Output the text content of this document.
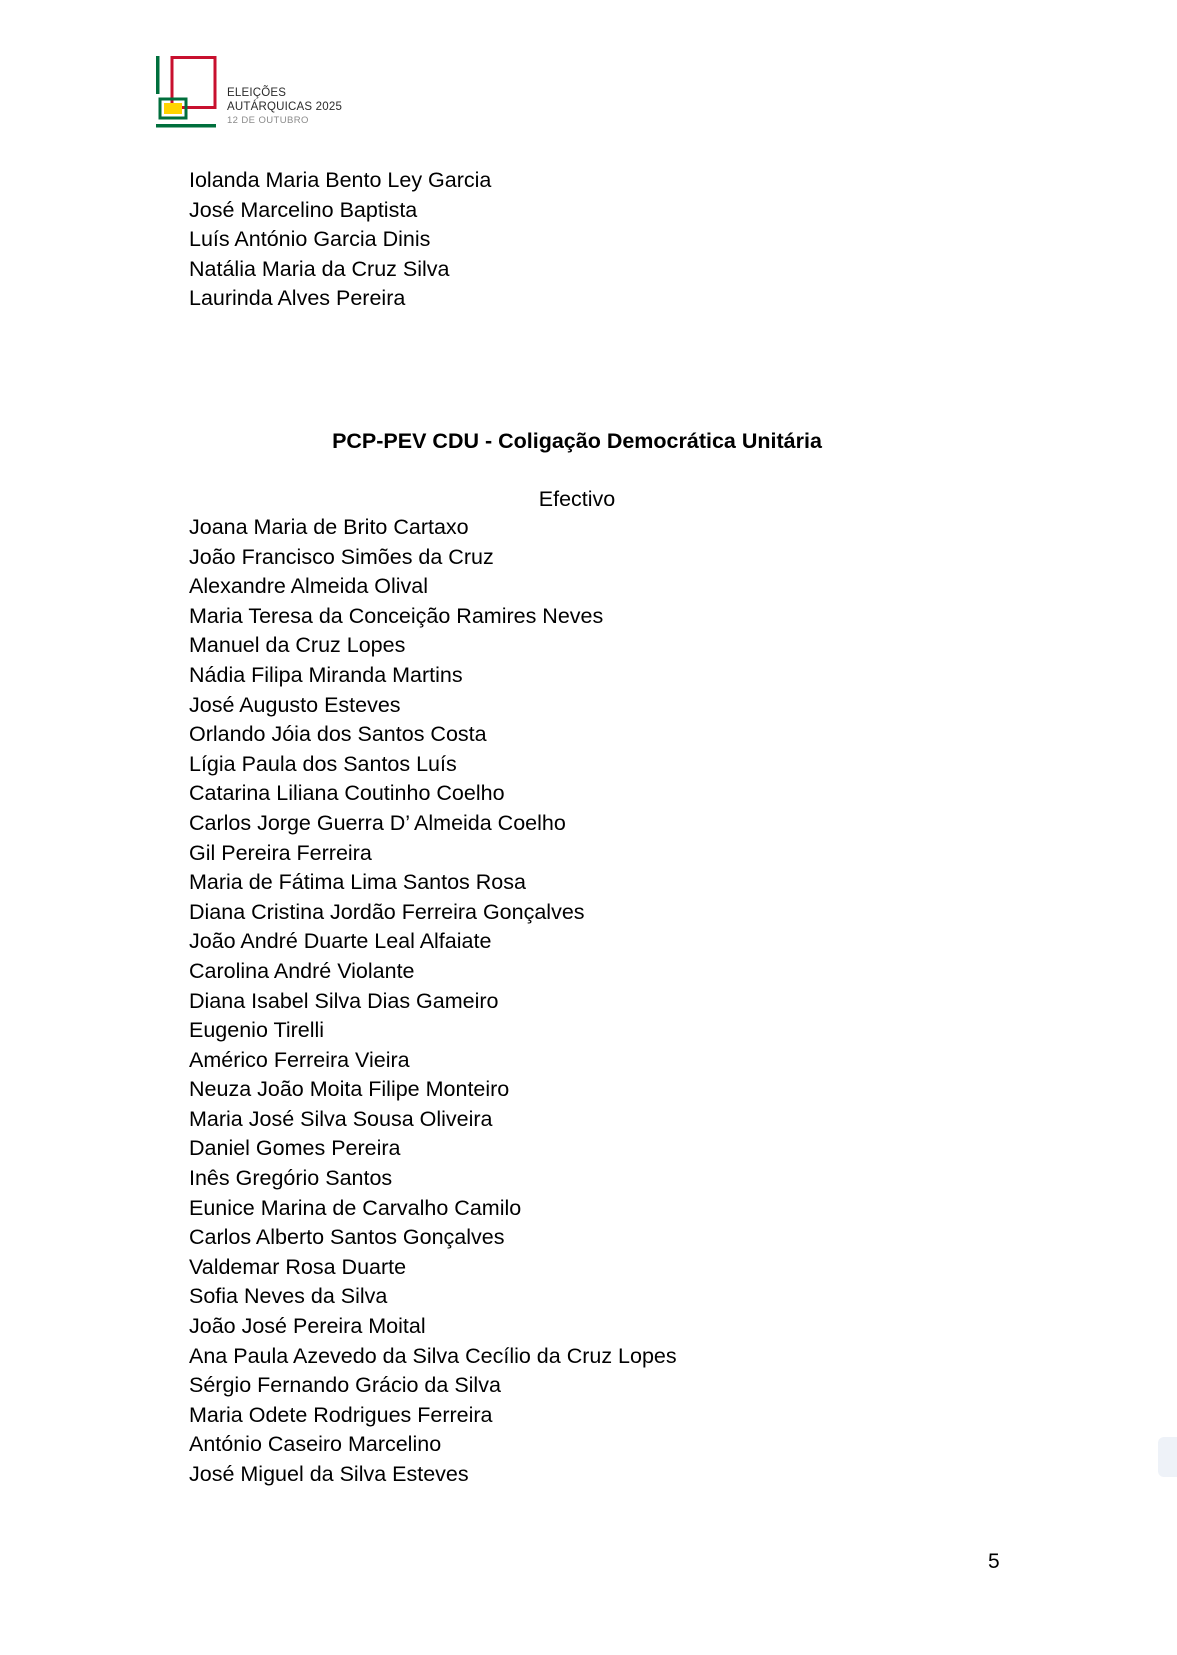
ELEIÇÕES
AUTÁRQUICAS 2025
12 DE OUTUBRO
Iolanda Maria Bento Ley Garcia
José Marcelino Baptista
Luís António Garcia Dinis
Natália Maria da Cruz Silva
Laurinda Alves Pereira
PCP-PEV CDU - Coligação Democrática Unitária
Efectivo
Joana Maria de Brito Cartaxo
João Francisco Simões da Cruz
Alexandre Almeida Olival
Maria Teresa da Conceição Ramires Neves
Manuel da Cruz Lopes
Nádia Filipa Miranda Martins
José Augusto Esteves
Orlando Jóia dos Santos Costa
Lígia Paula dos Santos Luís
Catarina Liliana Coutinho Coelho
Carlos Jorge Guerra D’ Almeida Coelho
Gil Pereira Ferreira
Maria de Fátima Lima Santos Rosa
Diana Cristina Jordão Ferreira Gonçalves
João André Duarte Leal Alfaiate
Carolina André Violante
Diana Isabel Silva Dias Gameiro
Eugenio Tirelli
Américo Ferreira Vieira
Neuza João Moita Filipe Monteiro
Maria José Silva Sousa Oliveira
Daniel Gomes Pereira
Inês Gregório Santos
Eunice Marina de Carvalho Camilo
Carlos Alberto Santos Gonçalves
Valdemar Rosa Duarte
Sofia Neves da Silva
João José Pereira Moital
Ana Paula Azevedo da Silva Cecílio da Cruz Lopes
Sérgio Fernando Grácio da Silva
Maria Odete Rodrigues Ferreira
António Caseiro Marcelino
José Miguel da Silva Esteves
5
